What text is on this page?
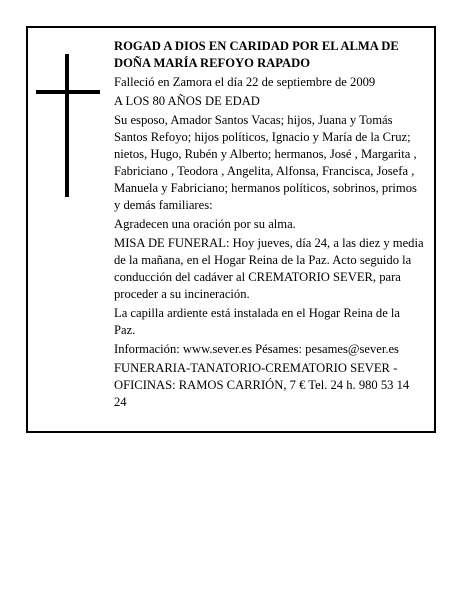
ROGAD A DIOS EN CARIDAD POR EL ALMA DE DOÑA MARÍA REFOYO RAPADO

Falleció en Zamora el día 22 de septiembre de 2009

A LOS 80 AÑOS DE EDAD

Su esposo, Amador Santos Vacas; hijos, Juana y Tomás Santos Refoyo; hijos políticos, Ignacio y María de la Cruz; nietos, Hugo, Rubén y Alberto; hermanos, José , Margarita , Fabriciano , Teodora , Angelita, Alfonsa, Francisca, Josefa , Manuela y Fabriciano; hermanos políticos, sobrinos, primos y demás familiares:

Agradecen una oración por su alma.

MISA DE FUNERAL: Hoy jueves, día 24, a las diez y media de la mañana, en el Hogar Reina de la Paz. Acto seguido la conducción del cadáver al CREMATORIO SEVER, para proceder a su incineración.

La capilla ardiente está instalada en el Hogar Reina de la Paz.

Información: www.sever.es Pésames: pesames@sever.es

FUNERARIA-TANATORIO-CREMATORIO SEVER - OFICINAS: RAMOS CARRIÓN, 7 € Tel. 24 h. 980 53 14 24
